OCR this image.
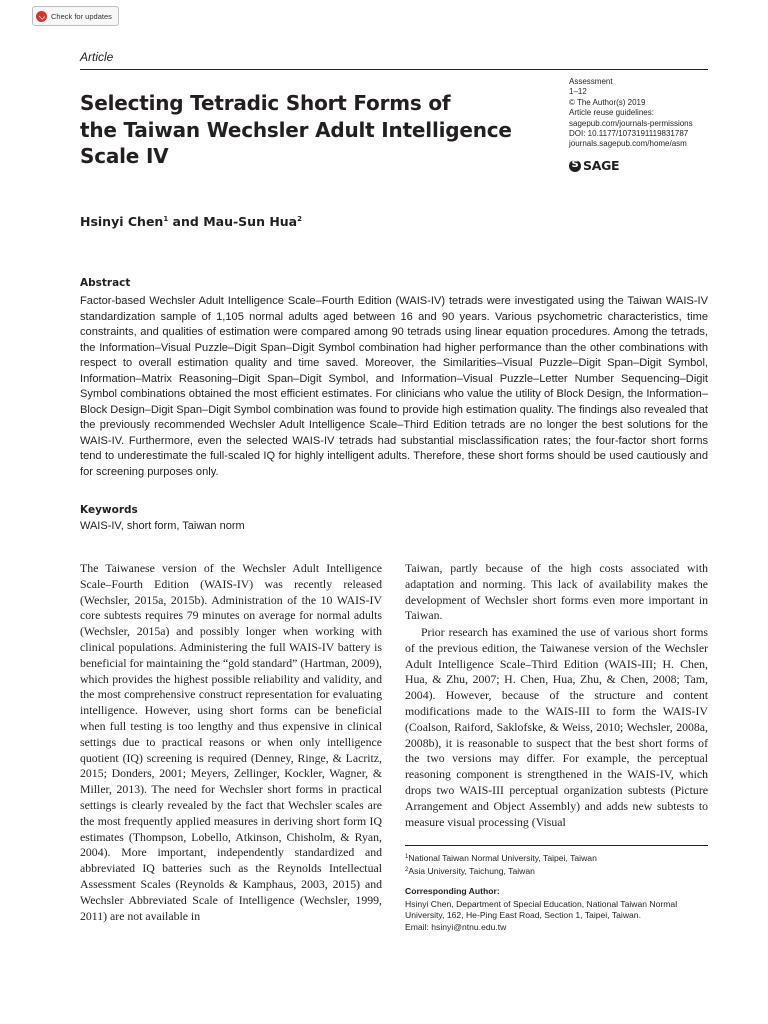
Check for updates
Article
Selecting Tetradic Short Forms of
the Taiwan Wechsler Adult Intelligence
Scale IV
Assessment
1–12
© The Author(s) 2019
Article reuse guidelines:
sagepub.com/journals-permissions
DOI: 10.1177/1073191119831787
journals.sagepub.com/home/asm
S
SAGE
Hsinyi Chen$^1$ and Mau-Sun Hua$^2$
Abstract

Factor-based Wechsler Adult Intelligence Scale–Fourth Edition (WAIS-IV) tetrads were investigated using the Taiwan WAIS-IV standardization sample of 1,105 normal adults aged between 16 and 90 years. Various psychometric characteristics, time constraints, and qualities of estimation were compared among 90 tetrads using linear equation procedures. Among the tetrads, the Information–Visual Puzzle–Digit Span–Digit Symbol combination had higher performance than the other combinations with respect to overall estimation quality and time saved. Moreover, the Similarities–Visual Puzzle–Digit Span–Digit Symbol, Information–Matrix Reasoning–Digit Span–Digit Symbol, and Information–Visual Puzzle–Letter Number Sequencing–Digit Symbol combinations obtained the most efficient estimates. For clinicians who value the utility of Block Design, the Information–Block Design–Digit Span–Digit Symbol combination was found to provide high estimation quality. The findings also revealed that the previously recommended Wechsler Adult Intelligence Scale–Third Edition tetrads are no longer the best solutions for the WAIS-IV. Furthermore, even the selected WAIS-IV tetrads had substantial misclassification rates; the four-factor short forms tend to underestimate the full-scaled IQ for highly intelligent adults. Therefore, these short forms should be used cautiously and for screening purposes only.

Keywords
WAIS-IV, short form, Taiwan norm

The Taiwanese version of the Wechsler Adult Intelligence Scale–Fourth Edition (WAIS-IV) was recently released (Wechsler, 2015a, 2015b). Administration of the 10 WAIS-IV core subtests requires 79 minutes on average for normal adults (Wechsler, 2015a) and possibly longer when working with clinical populations. Administering the full WAIS-IV battery is beneficial for maintaining the “gold standard” (Hartman, 2009), which provides the highest possible reliability and validity, and the most comprehensive construct representation for evaluating intelligence. However, using short forms can be beneficial when full testing is too lengthy and thus expensive in clinical settings due to practical reasons or when only intelligence quotient (IQ) screening is required (Denney, Ringe, & Lacritz, 2015; Donders, 2001; Meyers, Zellinger, Kockler, Wagner, & Miller, 2013). The need for Wechsler short forms in practical settings is clearly revealed by the fact that Wechsler scales are the most frequently applied measures in deriving short form IQ estimates (Thompson, Lobello, Atkinson, Chisholm, & Ryan, 2004). More important, independently standardized and abbreviated IQ batteries such as the Reynolds Intellectual Assessment Scales (Reynolds & Kamphaus, 2003, 2015) and Wechsler Abbreviated Scale of Intelligence (Wechsler, 1999, 2011) are not available in

Taiwan, partly because of the high costs associated with adaptation and norming. This lack of availability makes the development of Wechsler short forms even more important in Taiwan.

Prior research has examined the use of various short forms of the previous edition, the Taiwanese version of the Wechsler Adult Intelligence Scale–Third Edition (WAIS-III; H. Chen, Hua, & Zhu, 2007; H. Chen, Hua, Zhu, & Chen, 2008; Tam, 2004). However, because of the structure and content modifications made to the WAIS-III to form the WAIS-IV (Coalson, Raiford, Saklofske, & Weiss, 2010; Wechsler, 2008a, 2008b), it is reasonable to suspect that the best short forms of the two versions may differ. For example, the perceptual reasoning component is strengthened in the WAIS-IV, which drops two WAIS-III perceptual organization subtests (Picture Arrangement and Object Assembly) and adds new subtests to measure visual processing (Visual

$^1$National Taiwan Normal University, Taipei, Taiwan
$^2$Asia University, Taichung, Taiwan
Corresponding Author:
Hsinyi Chen, Department of Special Education, National Taiwan Normal
University, 162, He-Ping East Road, Section 1, Taipei, Taiwan.
Email: hsinyi@ntnu.edu.tw
